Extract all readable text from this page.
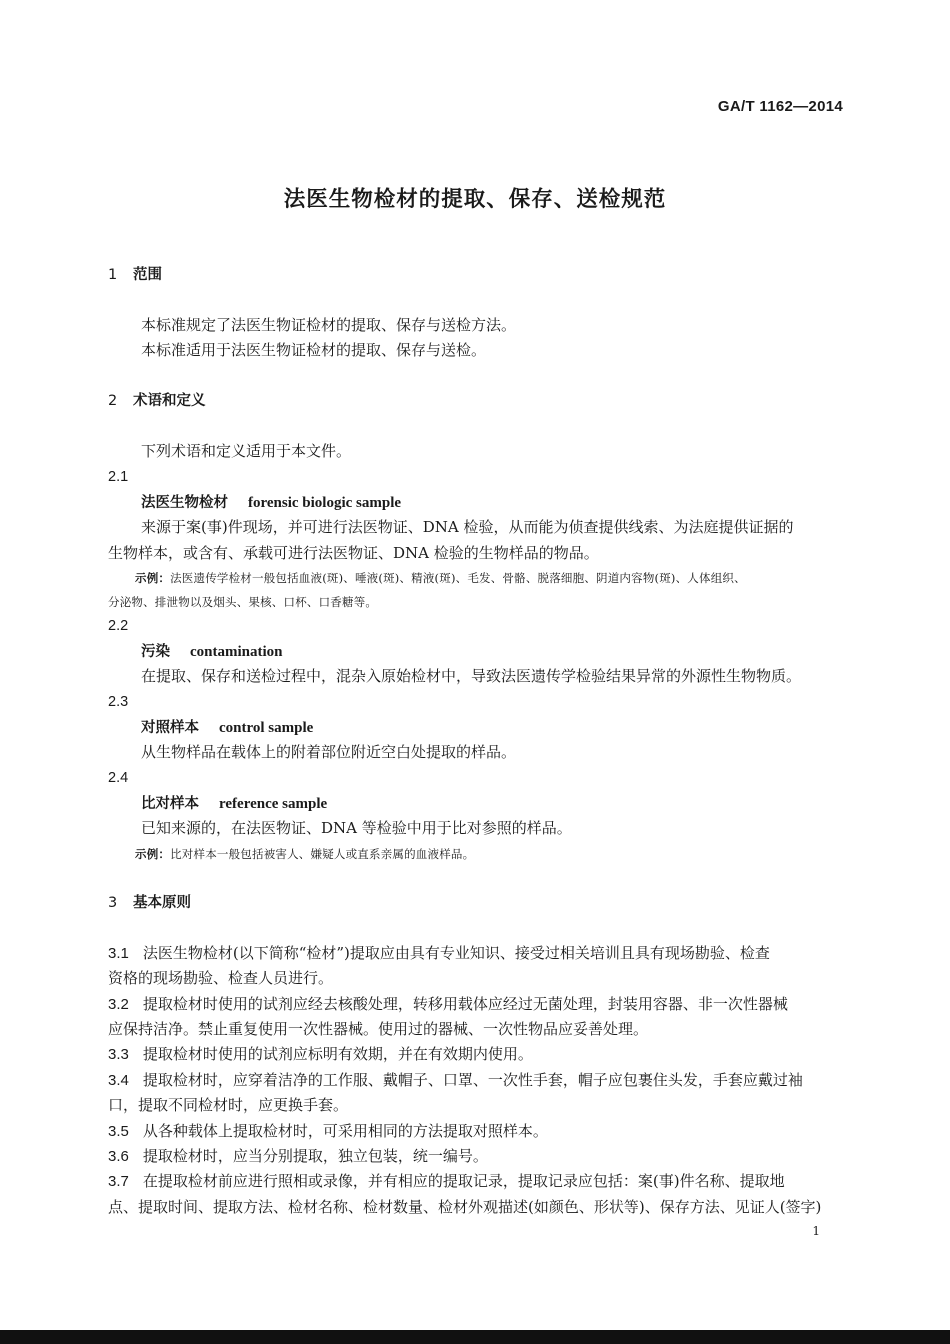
GA/T 1162—2014
法医生物检材的提取、保存、送检规范
1 范围
本标准规定了法医生物证检材的提取、保存与送检方法。
本标准适用于法医生物证检材的提取、保存与送检。
2 术语和定义
下列术语和定义适用于本文件。
2.1
法医生物检材 forensic biologic sample
来源于案(事)件现场，并可进行法医物证、DNA 检验，从而能为侦查提供线索、为法庭提供证据的
生物样本，或含有、承载可进行法医物证、DNA 检验的生物样品的物品。
示例：法医遗传学检材一般包括血液(斑)、唾液(斑)、精液(斑)、毛发、骨骼、脱落细胞、阴道内容物(斑)、人体组织、
分泌物、排泄物以及烟头、果核、口杯、口香糖等。
2.2
污染 contamination
在提取、保存和送检过程中，混杂入原始检材中，导致法医遗传学检验结果异常的外源性生物物质。
2.3
对照样本 control sample
从生物样品在载体上的附着部位附近空白处提取的样品。
2.4
比对样本 reference sample
已知来源的，在法医物证、DNA 等检验中用于比对参照的样品。
示例：比对样本一般包括被害人、嫌疑人或直系亲属的血液样品。
3 基本原则
3.1 法医生物检材(以下简称“检材”)提取应由具有专业知识、接受过相关培训且具有现场勘验、检查
资格的现场勘验、检查人员进行。
3.2 提取检材时使用的试剂应经去核酸处理，转移用载体应经过无菌处理，封装用容器、非一次性器械
应保持洁净。禁止重复使用一次性器械。使用过的器械、一次性物品应妥善处理。
3.3 提取检材时使用的试剂应标明有效期，并在有效期内使用。
3.4 提取检材时，应穿着洁净的工作服、戴帽子、口罩、一次性手套，帽子应包裹住头发，手套应戴过袖
口，提取不同检材时，应更换手套。
3.5 从各种载体上提取检材时，可采用相同的方法提取对照样本。
3.6 提取检材时，应当分别提取，独立包装，统一编号。
3.7 在提取检材前应进行照相或录像，并有相应的提取记录，提取记录应包括：案(事)件名称、提取地
点、提取时间、提取方法、检材名称、检材数量、检材外观描述(如颜色、形状等)、保存方法、见证人(签字)
1
